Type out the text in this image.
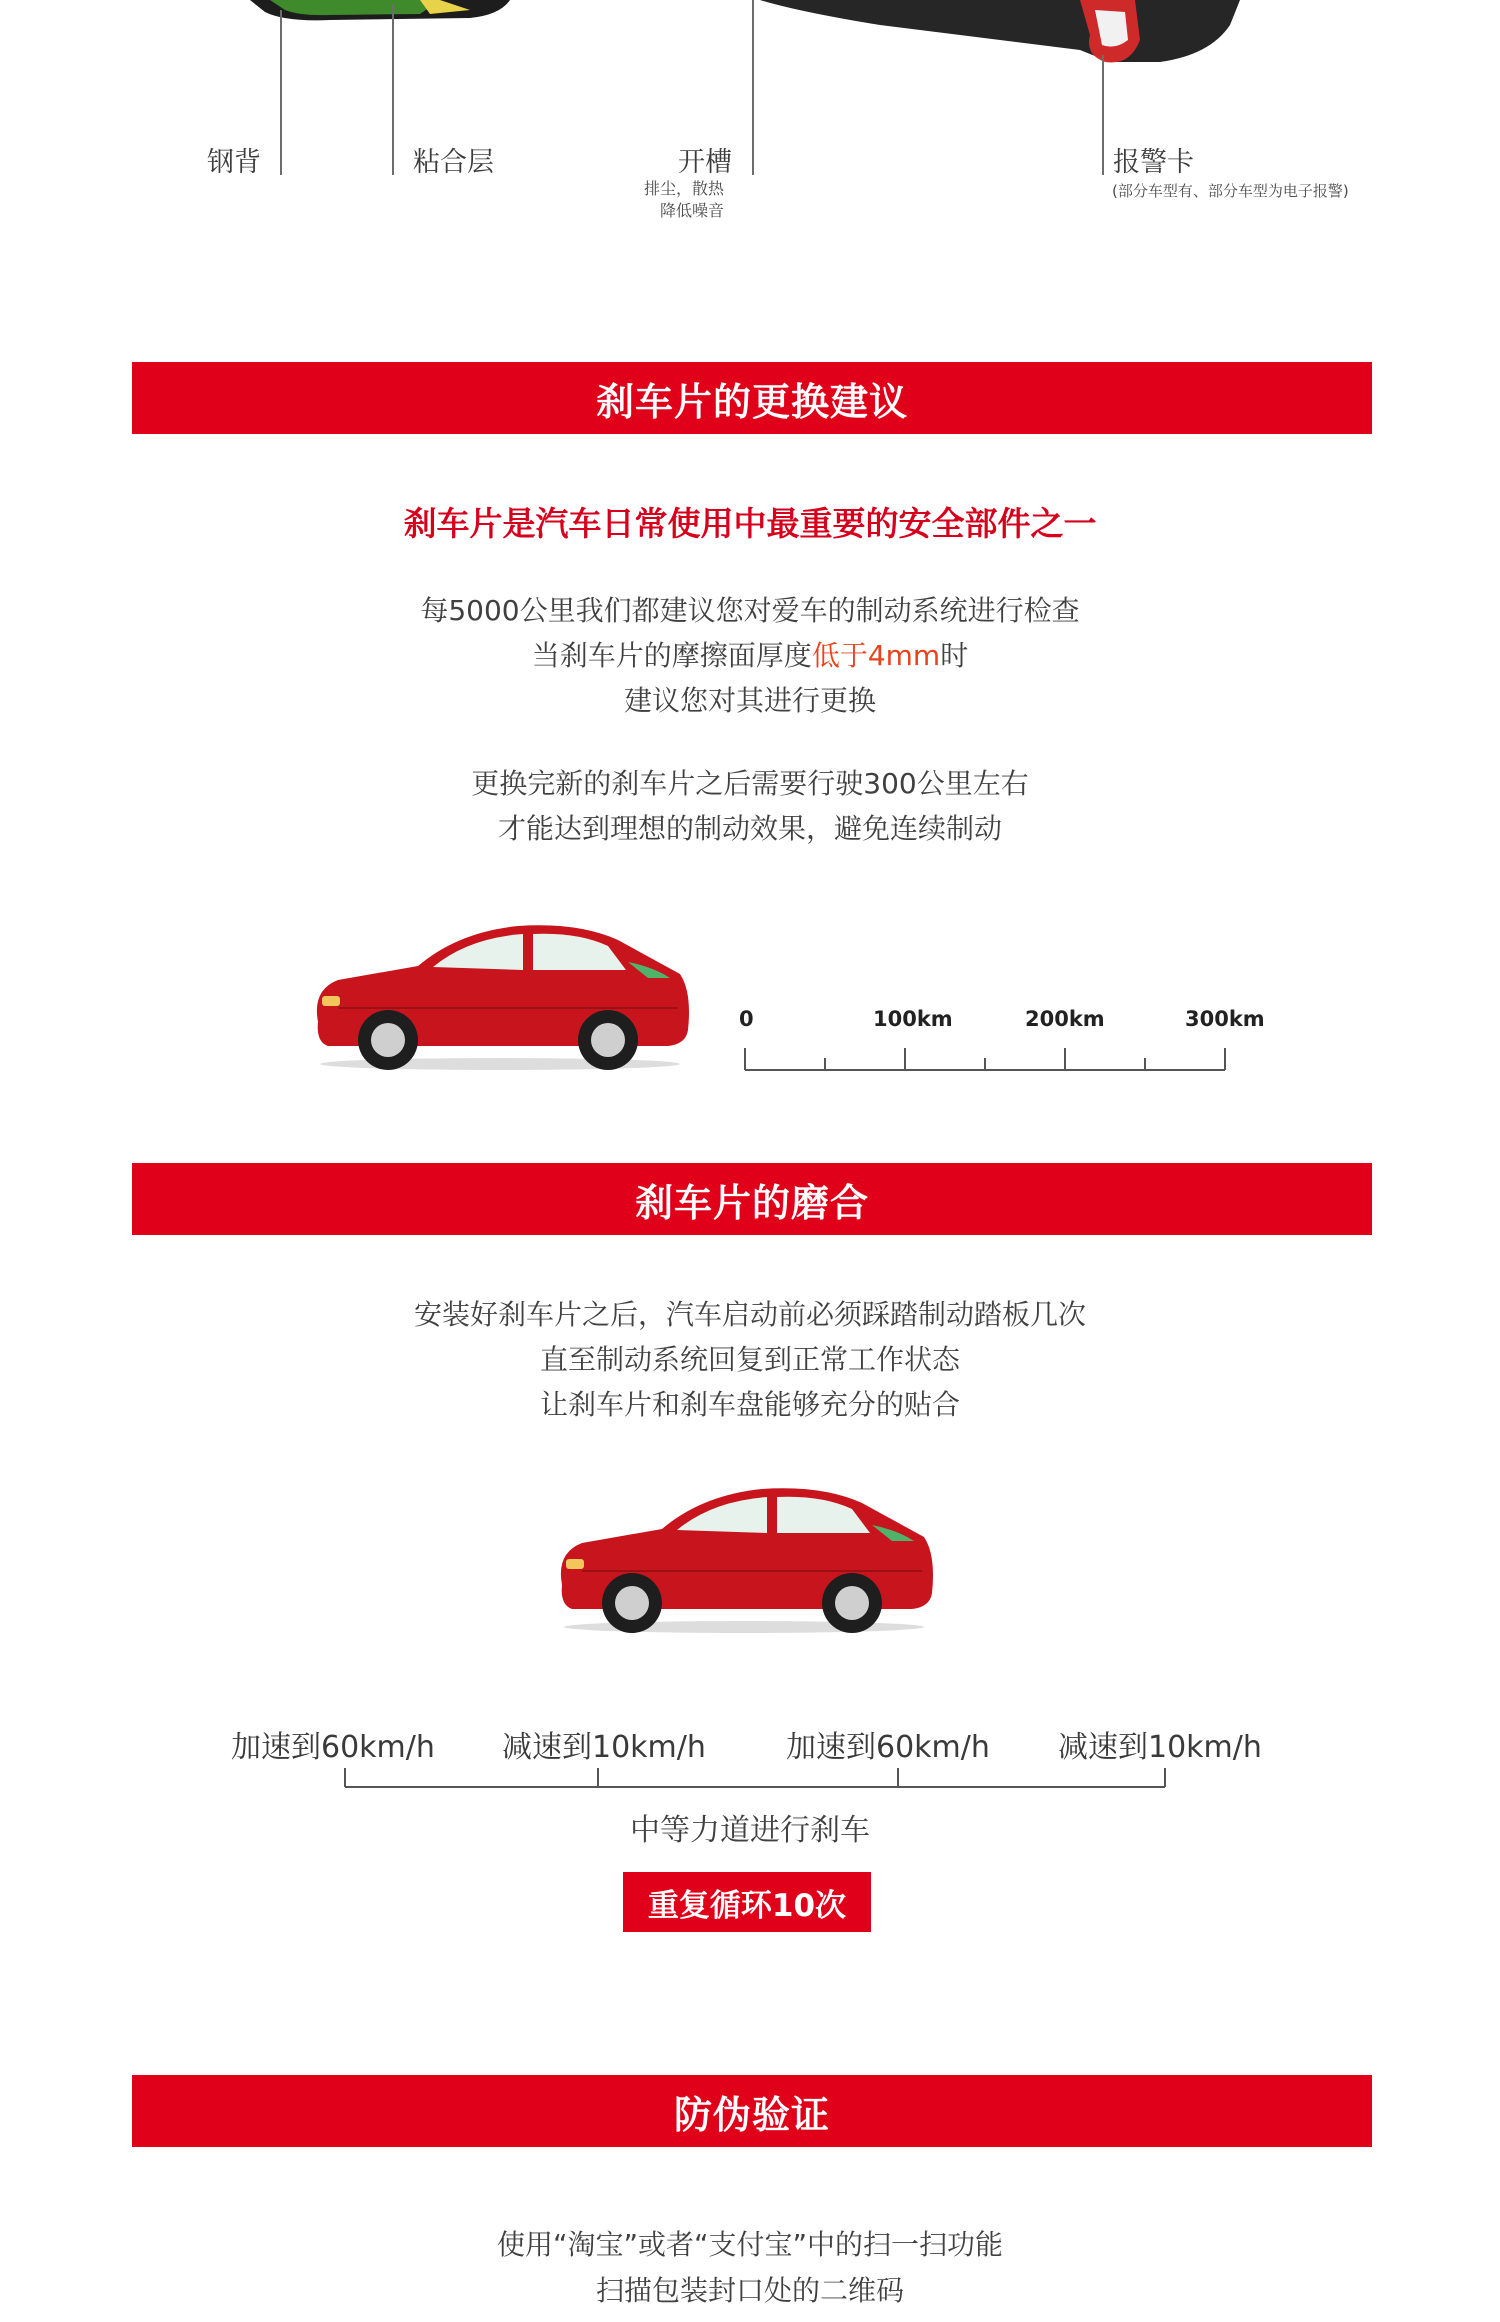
钢背	粘合层	开槽
排尘，散热
降低噪音
报警卡
(部分车型有、部分车型为电子报警)
刹车片的更换建议
刹车片是汽车日常使用中最重要的安全部件之一
每5000公里我们都建议您对爱车的制动系统进行检查
当刹车片的摩擦面厚度低于4mm时
建议您对其进行更换
更换完新的刹车片之后需要行驶300公里左右
才能达到理想的制动效果，避免连续制动
0	100km	200km	300km
刹车片的磨合
安装好刹车片之后，汽车启动前必须踩踏制动踏板几次
直至制动系统回复到正常工作状态
让刹车片和刹车盘能够充分的贴合
加速到60km/h 减速到10km/h	加速到60km/h 减速到10km/h
中等力道进行刹车
重复循环10次
防伪验证
使用“淘宝”或者“支付宝”中的扫一扫功能
扫描包装封口处的二维码
